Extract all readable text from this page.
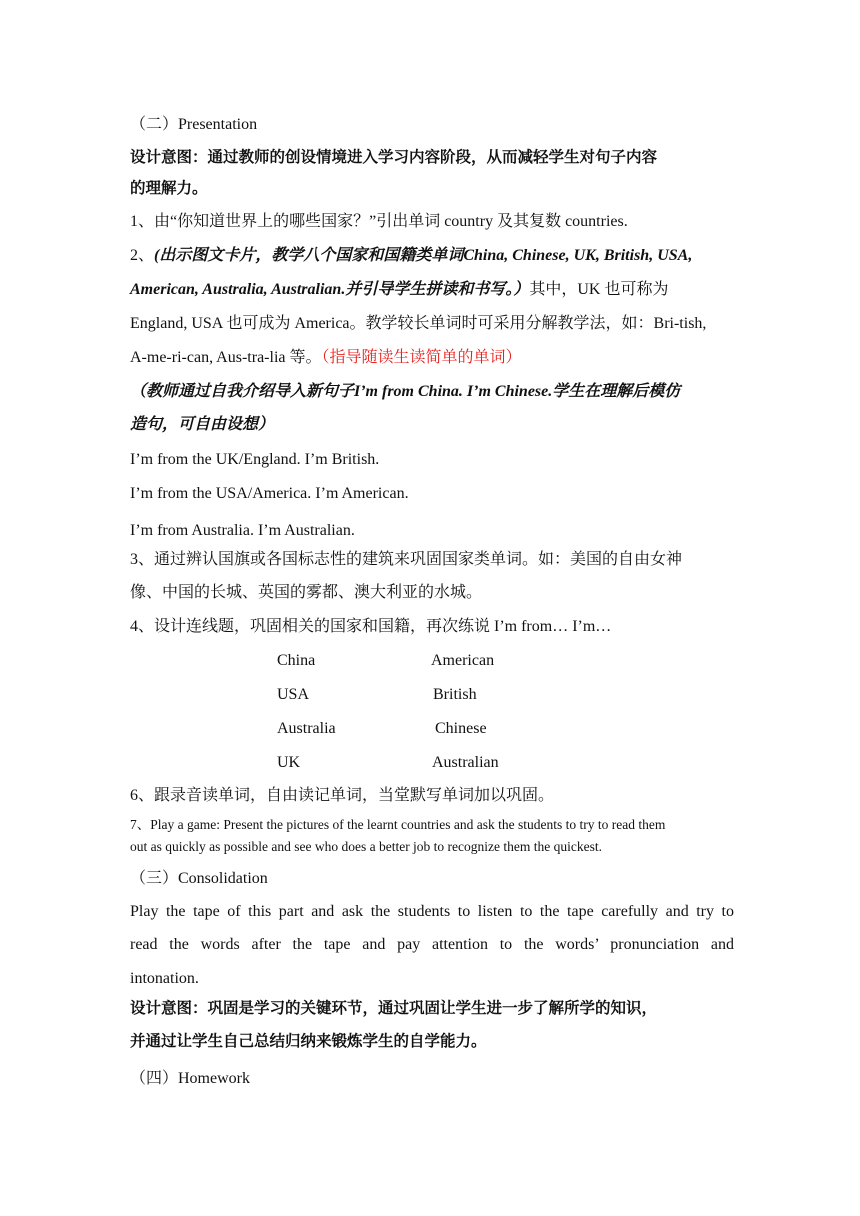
（二）Presentation

设计意图：通过教师的创设情境进入学习内容阶段，从而减轻学生对句子内容

的理解力。

1、由“你知道世界上的哪些国家？”引出单词 country 及其复数 countries.

2、(出示图文卡片，教学八个国家和国籍类单词China, Chinese, UK, British, USA,

American, Australia, Australian.并引导学生拼读和书写。）其中，UK 也可称为

England, USA 也可成为 America。教学较长单词时可采用分解教学法，如：Bri-tish,

A-me-ri-can, Aus-tra-lia 等。（指导随读生读简单的单词）

（教师通过自我介绍导入新句子I’m from China. I’m Chinese.学生在理解后模仿

造句，可自由设想）

I’m from the UK/England. I’m British.

I’m from the USA/America. I’m American.

I’m from Australia. I’m Australian.

3、通过辨认国旗或各国标志性的建筑来巩固国家类单词。如：美国的自由女神

像、中国的长城、英国的雾都、澳大利亚的水城。

4、设计连线题，巩固相关的国家和国籍，再次练说 I’m from… I’m…

China	American
USA	British
Australia	Chinese
UK	Australian

6、跟录音读单词，自由读记单词，当堂默写单词加以巩固。

7、Play a game: Present the pictures of the learnt countries and ask the students to try to read them

out as quickly as possible and see who does a better job to recognize them the quickest.

（三）Consolidation

Play the tape of this part and ask the students to listen to the tape carefully and try to

read the words after the tape and pay attention to the words’ pronunciation and

intonation.

设计意图：巩固是学习的关键环节，通过巩固让学生进一步了解所学的知识，

并通过让学生自己总结归纳来锻炼学生的自学能力。

（四）Homework
